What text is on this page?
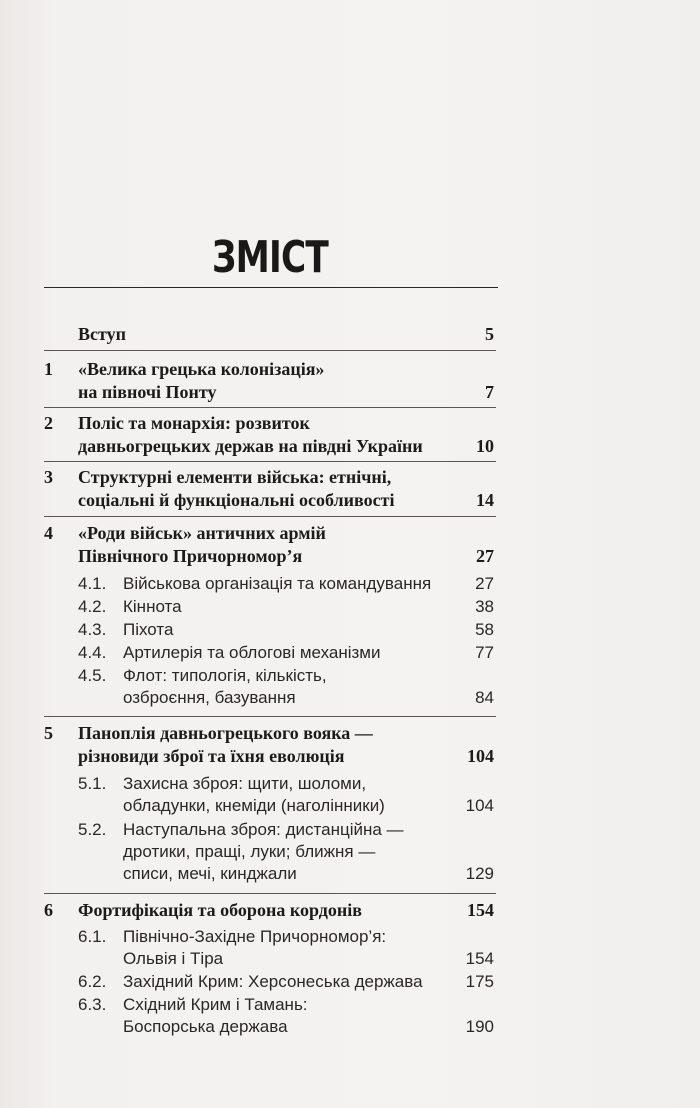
ЗМІСТ
Вступ	5
1 «Велика грецька колонізація»
на півночі Понту	7
2 Поліс та монархія: розвиток
давньогрецьких держав на півдні України	10
3 Структурні елементи війська: етнічні,
соціальні й функціональні особливості	14
4 «Роди військ» античних армій
Північного Причорномор’я	27
4.1. Військова організація та командування	27
4.2. Кіннота	38
4.3. Піхота	58
4.4. Артилерія та облогові механізми	77
4.5. Флот: типологія, кількість,
озброєння, базування	84
5 Паноплія давньогрецького вояка —
різновиди зброї та їхня еволюція	104
5.1. Захисна зброя: щити, шоломи,
обладунки, кнеміди (наголінники)	104
5.2. Наступальна зброя: дистанційна —
дротики, пращі, луки; ближня —
списи, мечі, кинджали	129
6 Фортифікація та оборона кордонів	154
6.1. Північно-Західне Причорномор’я:
Ольвія і Тіра	154
6.2. Західний Крим: Херсонеська держава	175
6.3. Східний Крим і Тамань:
Боспорська держава	190
